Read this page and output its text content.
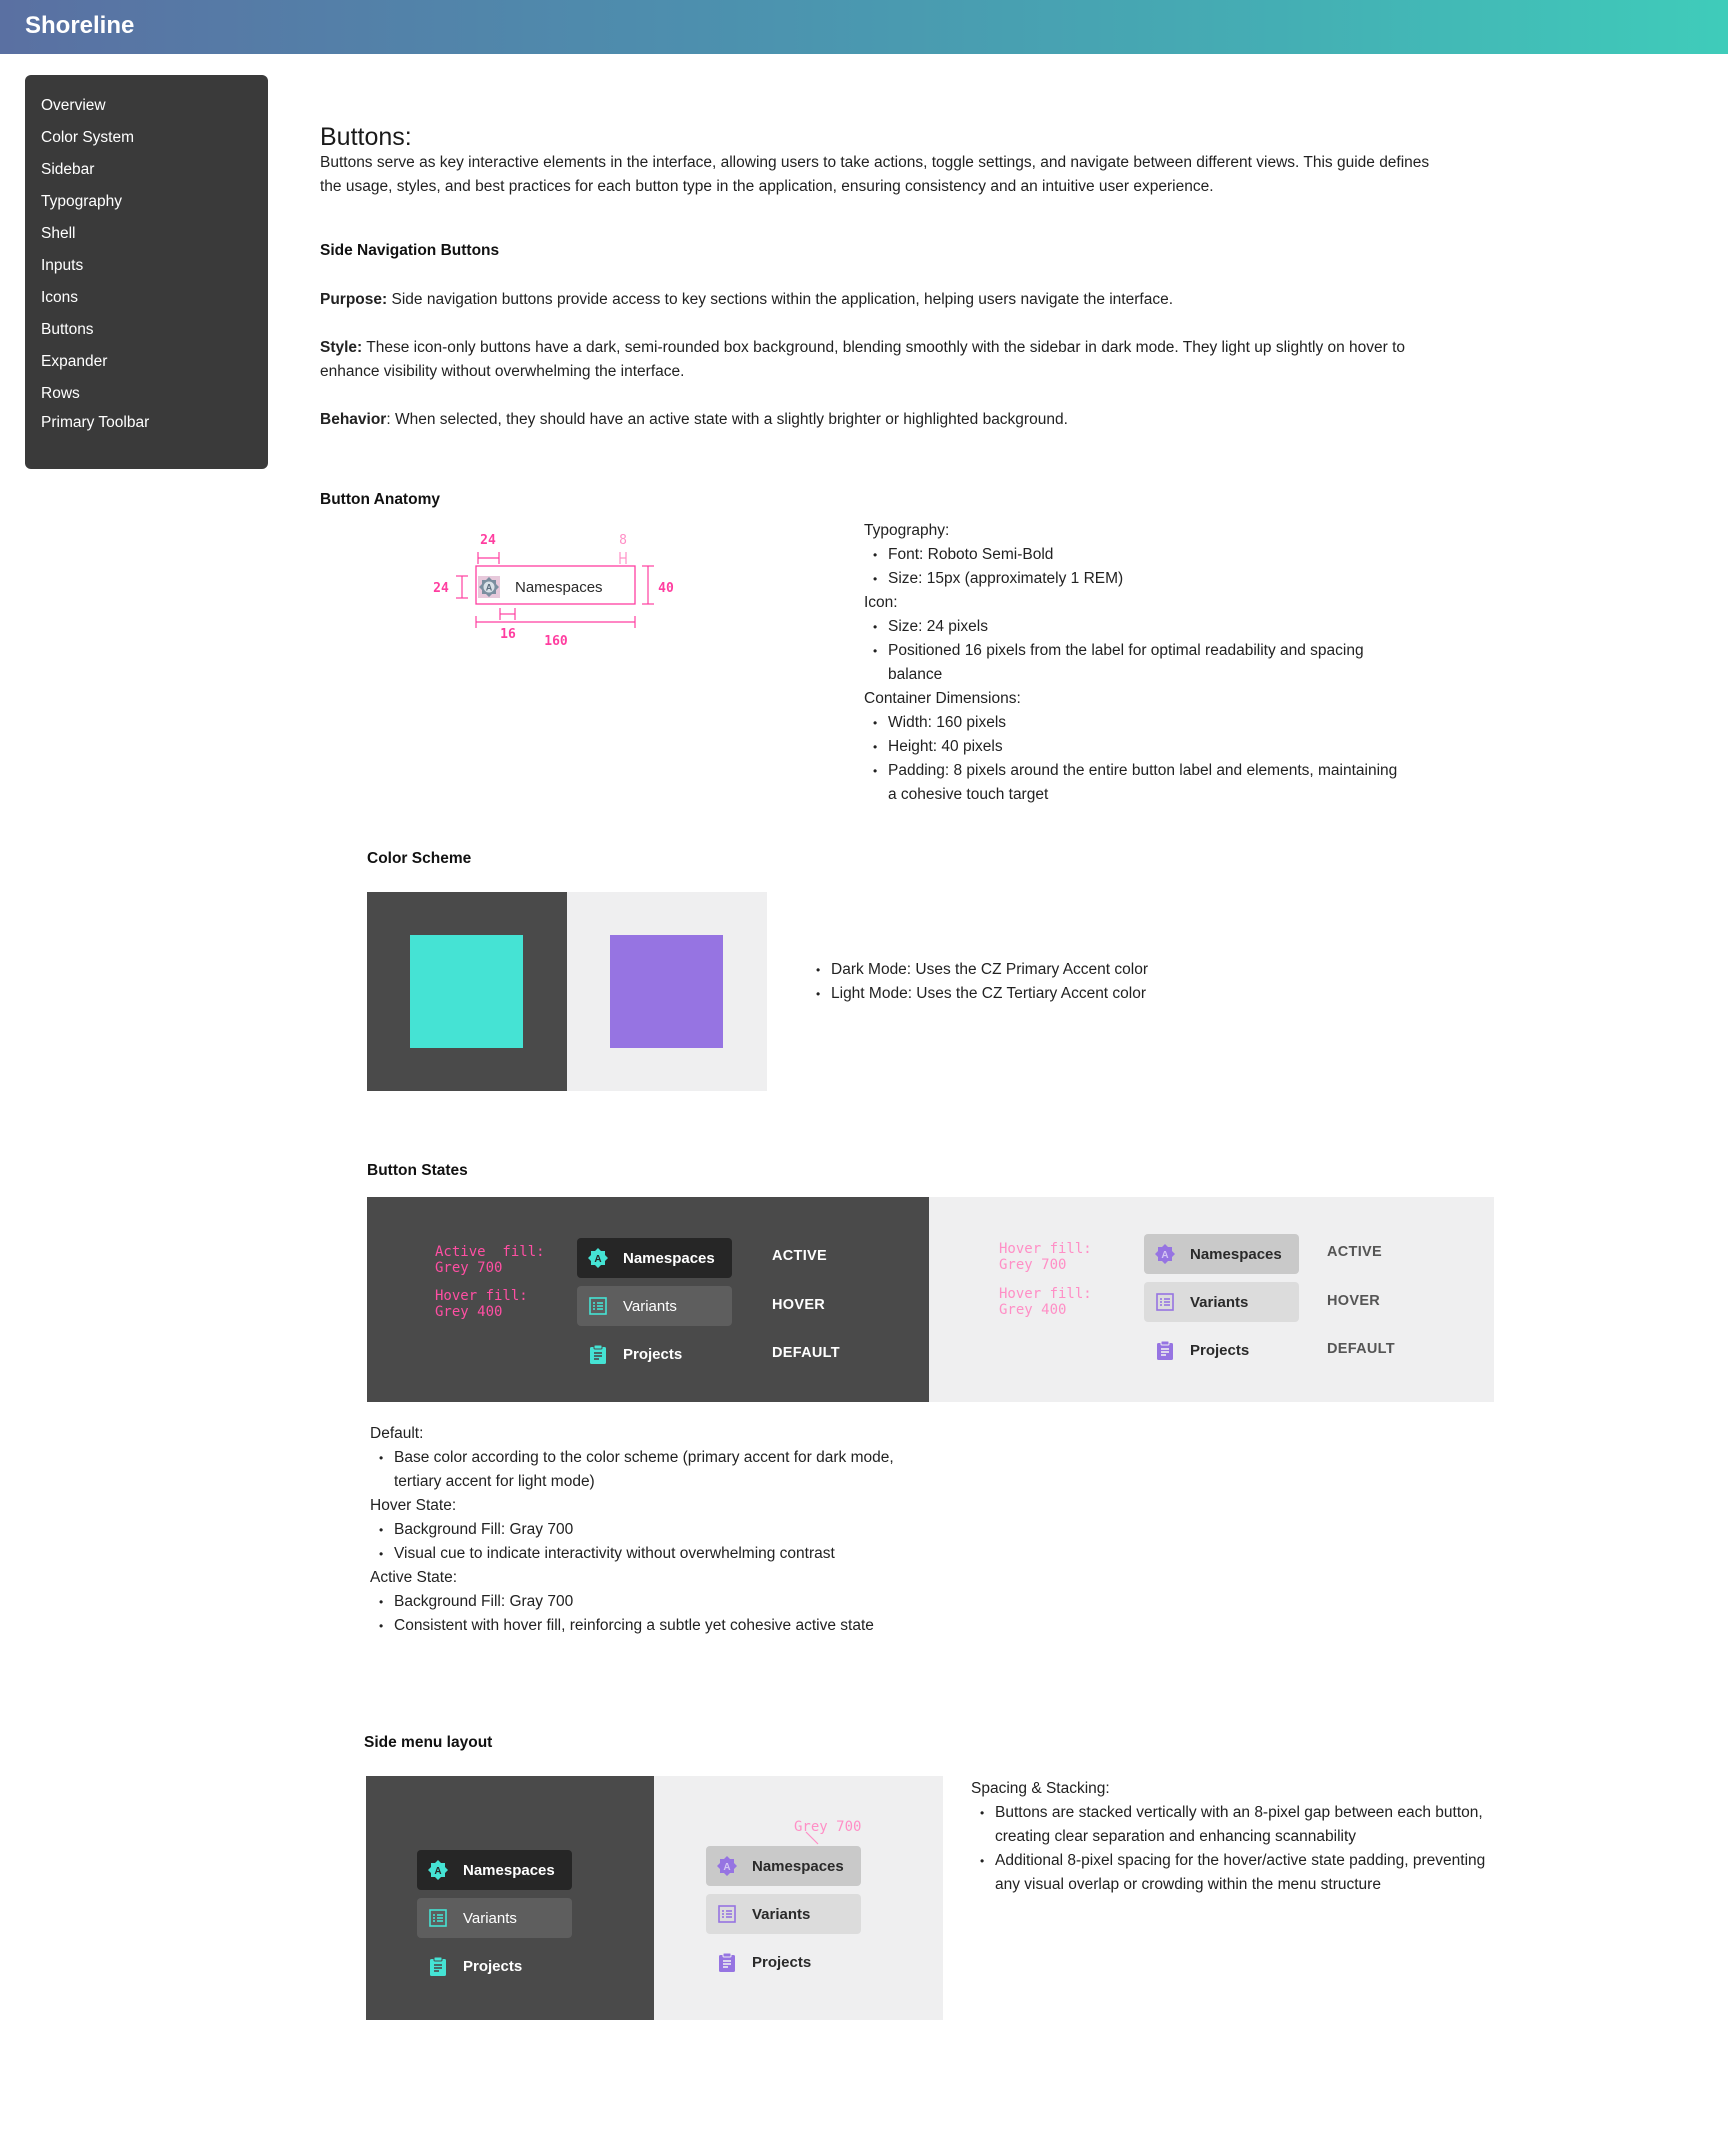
Shoreline
Overview
Color System
Sidebar
Typography
Shell
Inputs
Icons
Buttons
Expander
Rows
Primary Toolbar
Buttons:
Buttons serve as key interactive elements in the interface, allowing users to take actions, toggle settings, and navigate between different views. This guide defines the usage, styles, and best practices for each button type in the application, ensuring consistency and an intuitive user experience.
Side Navigation Buttons
Purpose: Side navigation buttons provide access to key sections within the application, helping users navigate the interface.
Style: These icon-only buttons have a dark, semi-rounded box background, blending smoothly with the sidebar in dark mode. They light up slightly on hover to enhance visibility without overwhelming the interface.
Behavior: When selected, they should have an active state with a slightly brighter or highlighted background.
Button Anatomy
A Namespaces
24	8
24	40
16 160
Typography:
• Font: Roboto Semi-Bold
• Size: 15px (approximately 1 REM)
Icon:
• Size: 24 pixels
• Positioned 16 pixels from the label for optimal readability and spacing balance
Container Dimensions:
• Width: 160 pixels
• Height: 40 pixels
• Padding: 8 pixels around the entire button label and elements, maintaining a cohesive touch target
Color Scheme
• Dark Mode: Uses the CZ Primary Accent color
• Light Mode: Uses the CZ Tertiary Accent color
Button States
Active  fill:
Grey 700
Hover fill:
Grey 400
A Namespaces
Variants
Projects
ACTIVE
HOVER
DEFAULT
Hover fill:
Grey 700
Hover fill:
Grey 400
A Namespaces
Variants
Projects
ACTIVE
HOVER
DEFAULT
Default:
• Base color according to the color scheme (primary accent for dark mode, tertiary accent for light mode)
Hover State:
• Background Fill: Gray 700
• Visual cue to indicate interactivity without overwhelming contrast
Active State:
• Background Fill: Gray 700
• Consistent with hover fill, reinforcing a subtle yet cohesive active state
Side menu layout
A Namespaces
Variants
Projects
Grey 700
A Namespaces
Variants
Projects
Spacing & Stacking:
• Buttons are stacked vertically with an 8-pixel gap between each button, creating clear separation and enhancing scannability
• Additional 8-pixel spacing for the hover/active state padding, preventing any visual overlap or crowding within the menu structure
